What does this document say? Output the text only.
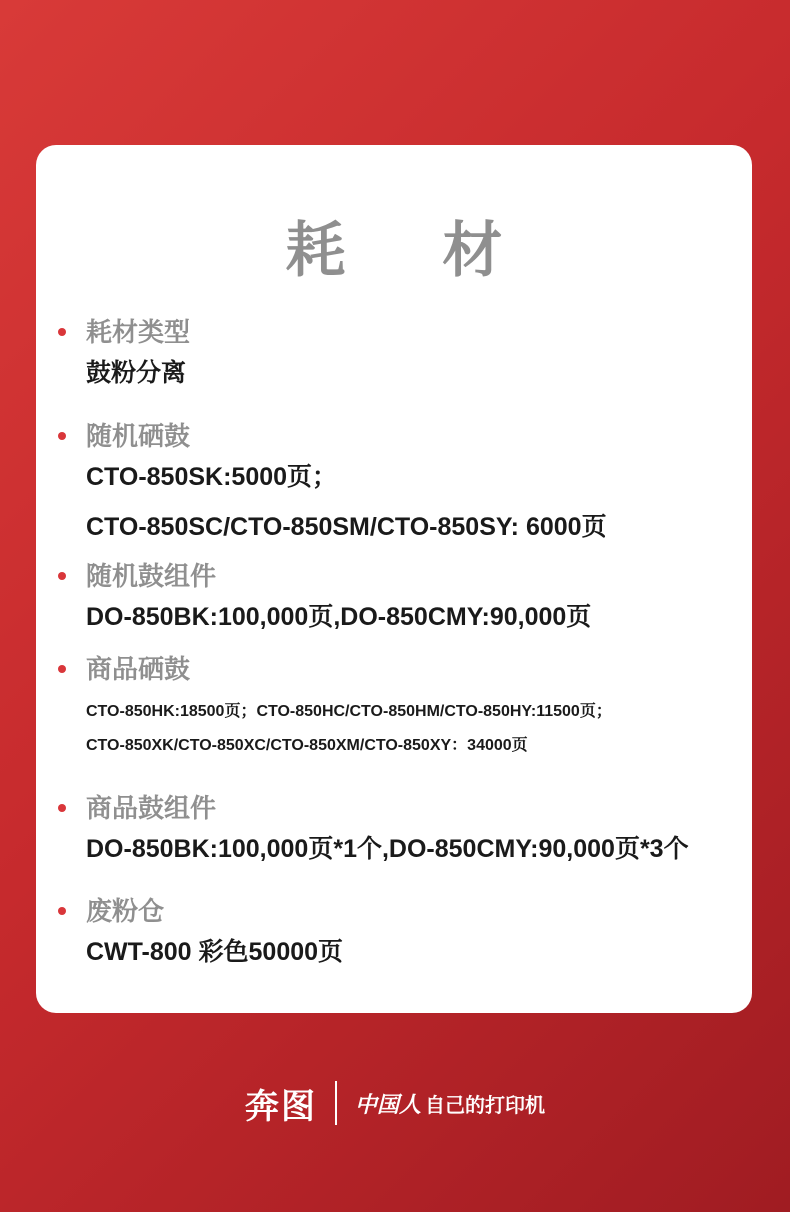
耗 材
耗材类型
鼓粉分离
随机硒鼓
CTO-850SK:5000页；
CTO-850SC/CTO-850SM/CTO-850SY: 6000页
随机鼓组件
DO-850BK:100,000页,DO-850CMY:90,000页
商品硒鼓
CTO-850HK:18500页；CTO-850HC/CTO-850HM/CTO-850HY:11500页；
CTO-850XK/CTO-850XC/CTO-850XM/CTO-850XY：34000页
商品鼓组件
DO-850BK:100,000页*1个,DO-850CMY:90,000页*3个
废粉仓
CWT-800 彩色50000页
奔图 中国人 自己的打印机
